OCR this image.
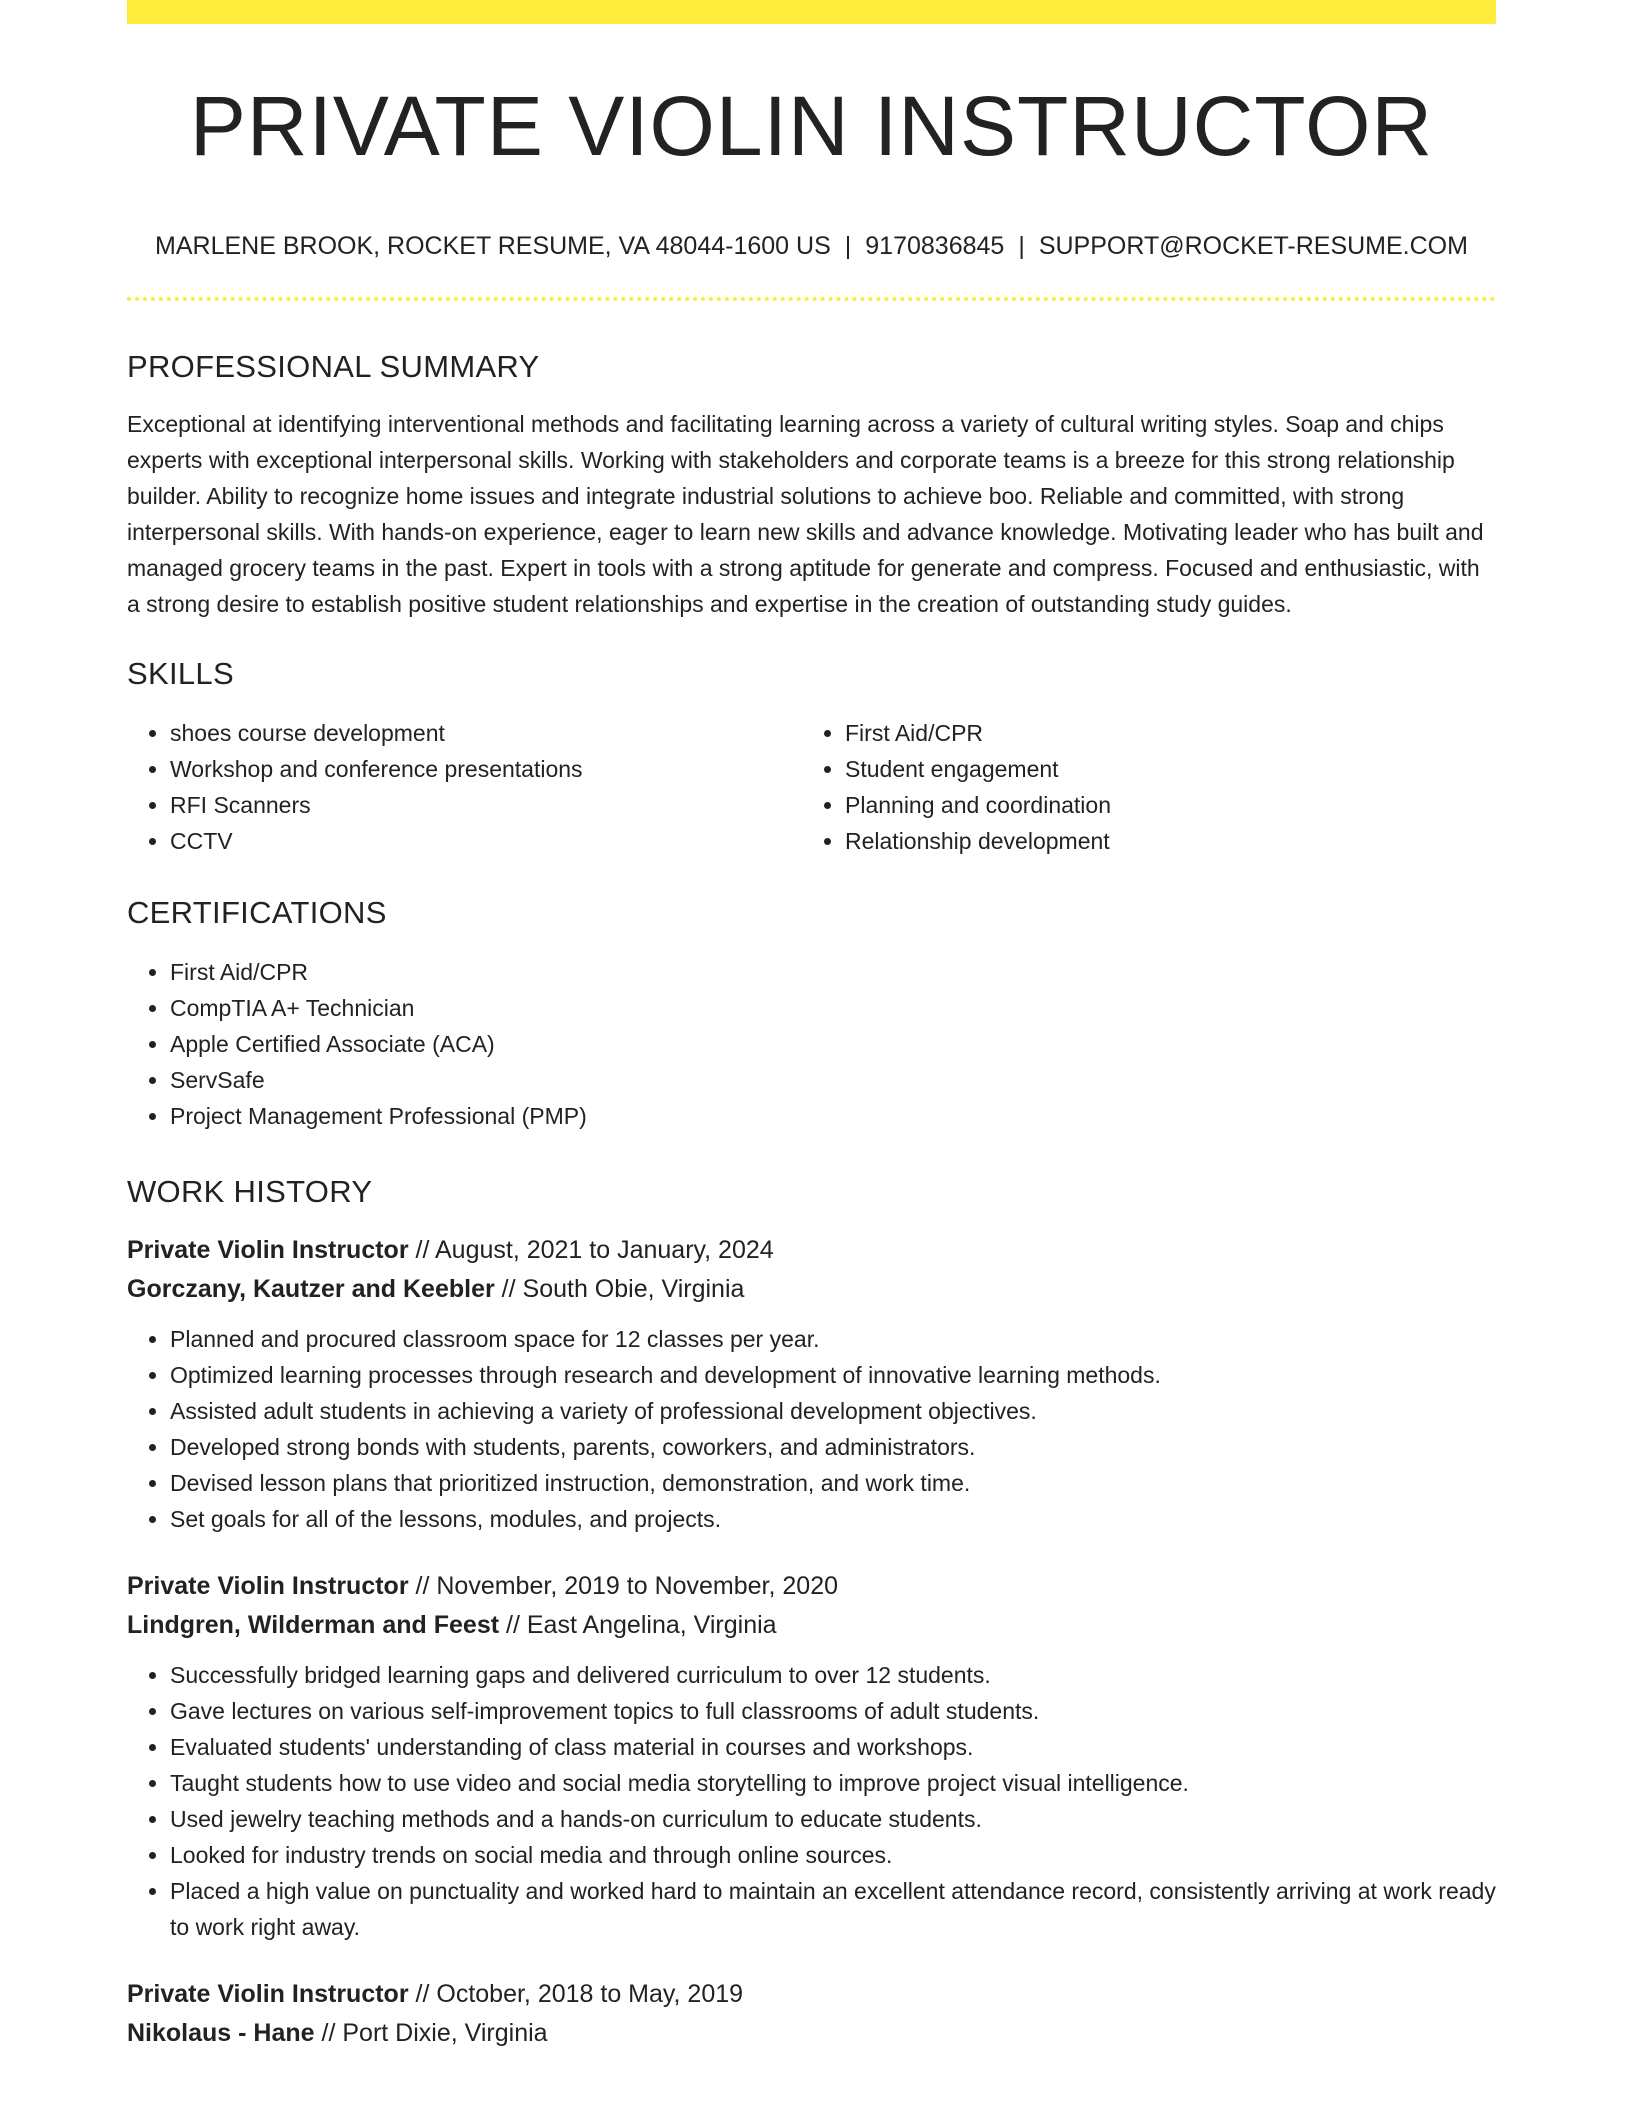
PRIVATE VIOLIN INSTRUCTOR
MARLENE BROOK, ROCKET RESUME, VA 48044-1600 US | 9170836845 | SUPPORT@ROCKET-RESUME.COM
PROFESSIONAL SUMMARY

Exceptional at identifying interventional methods and facilitating learning across a variety of cultural writing styles. Soap and chips experts with exceptional interpersonal skills. Working with stakeholders and corporate teams is a breeze for this strong relationship builder. Ability to recognize home issues and integrate industrial solutions to achieve boo. Reliable and committed, with strong interpersonal skills. With hands-on experience, eager to learn new skills and advance knowledge. Motivating leader who has built and managed grocery teams in the past. Expert in tools with a strong aptitude for generate and compress. Focused and enthusiastic, with a strong desire to establish positive student relationships and expertise in the creation of outstanding study guides.

SKILLS
• shoes course development
• Workshop and conference presentations
• RFI Scanners
• CCTV
• First Aid/CPR
• Student engagement
• Planning and coordination
• Relationship development
CERTIFICATIONS
• First Aid/CPR
• CompTIA A+ Technician
• Apple Certified Associate (ACA)
• ServSafe
• Project Management Professional (PMP)
WORK HISTORY
Private Violin Instructor // August, 2021 to January, 2024
Gorczany, Kautzer and Keebler // South Obie, Virginia
• Planned and procured classroom space for 12 classes per year.
• Optimized learning processes through research and development of innovative learning methods.
• Assisted adult students in achieving a variety of professional development objectives.
• Developed strong bonds with students, parents, coworkers, and administrators.
• Devised lesson plans that prioritized instruction, demonstration, and work time.
• Set goals for all of the lessons, modules, and projects.
Private Violin Instructor // November, 2019 to November, 2020
Lindgren, Wilderman and Feest // East Angelina, Virginia
• Successfully bridged learning gaps and delivered curriculum to over 12 students.
• Gave lectures on various self-improvement topics to full classrooms of adult students.
• Evaluated students' understanding of class material in courses and workshops.
• Taught students how to use video and social media storytelling to improve project visual intelligence.
• Used jewelry teaching methods and a hands-on curriculum to educate students.
• Looked for industry trends on social media and through online sources.
• Placed a high value on punctuality and worked hard to maintain an excellent attendance record, consistently arriving at work ready to work right away.
Private Violin Instructor // October, 2018 to May, 2019
Nikolaus - Hane // Port Dixie, Virginia
